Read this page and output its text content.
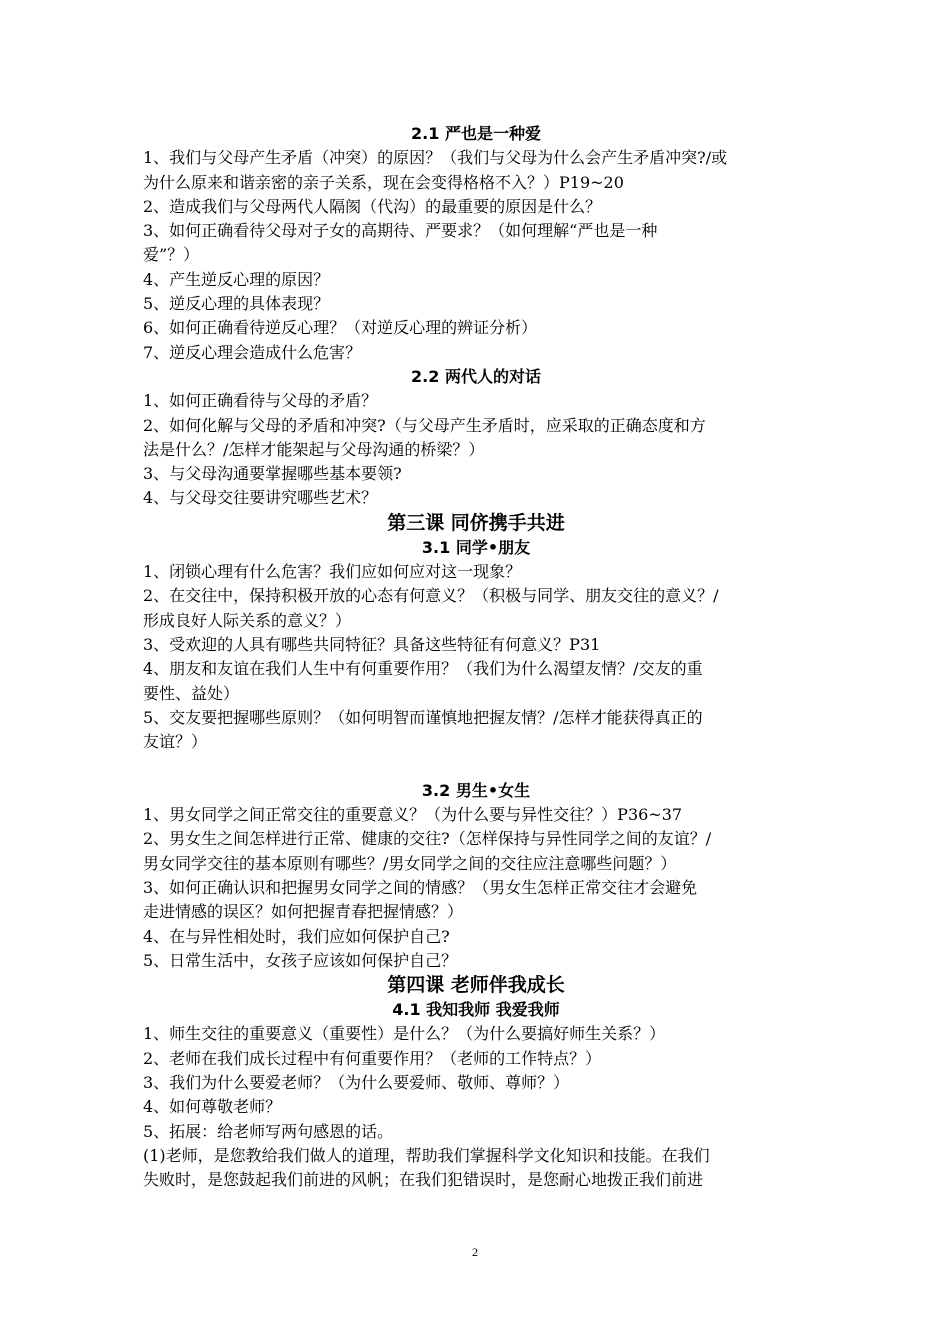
2.1 严也是一种爱
1、我们与父母产生矛盾（冲突）的原因？（我们与父母为什么会产生矛盾冲突?/或
为什么原来和谐亲密的亲子关系，现在会变得格格不入？）P19~20
2、造成我们与父母两代人隔阂（代沟）的最重要的原因是什么？
3、如何正确看待父母对子女的高期待、严要求？（如何理解“严也是一种
爱”？）
4、产生逆反心理的原因？
5、逆反心理的具体表现？
6、如何正确看待逆反心理？（对逆反心理的辨证分析）
7、逆反心理会造成什么危害？
2.2 两代人的对话
1、如何正确看待与父母的矛盾？
2、如何化解与父母的矛盾和冲突?（与父母产生矛盾时，应采取的正确态度和方
法是什么？/怎样才能架起与父母沟通的桥梁？）
3、与父母沟通要掌握哪些基本要领?
4、与父母交往要讲究哪些艺术？
第三课 同侪携手共进
3.1 同学•朋友
1、闭锁心理有什么危害？我们应如何应对这一现象？
2、在交往中，保持积极开放的心态有何意义？（积极与同学、朋友交往的意义？/
形成良好人际关系的意义？）
3、受欢迎的人具有哪些共同特征？具备这些特征有何意义？P31
4、朋友和友谊在我们人生中有何重要作用？（我们为什么渴望友情？/交友的重
要性、益处）
5、交友要把握哪些原则？（如何明智而谨慎地把握友情？/怎样才能获得真正的
友谊？）
3.2 男生•女生
1、男女同学之间正常交往的重要意义？（为什么要与异性交往？）P36~37
2、男女生之间怎样进行正常、健康的交往?（怎样保持与异性同学之间的友谊？/
男女同学交往的基本原则有哪些？/男女同学之间的交往应注意哪些问题？）
3、如何正确认识和把握男女同学之间的情感？（男女生怎样正常交往才会避免
走进情感的误区？如何把握青春把握情感？）
4、在与异性相处时，我们应如何保护自己?
5、日常生活中，女孩子应该如何保护自己？
第四课 老师伴我成长
4.1 我知我师 我爱我师
1、师生交往的重要意义（重要性）是什么？（为什么要搞好师生关系？）
2、老师在我们成长过程中有何重要作用？（老师的工作特点？）
3、我们为什么要爱老师？（为什么要爱师、敬师、尊师？）
4、如何尊敬老师？
5、拓展：给老师写两句感恩的话。
(1)老师，是您教给我们做人的道理，帮助我们掌握科学文化知识和技能。在我们
失败时，是您鼓起我们前进的风帆；在我们犯错误时，是您耐心地拨正我们前进
2
